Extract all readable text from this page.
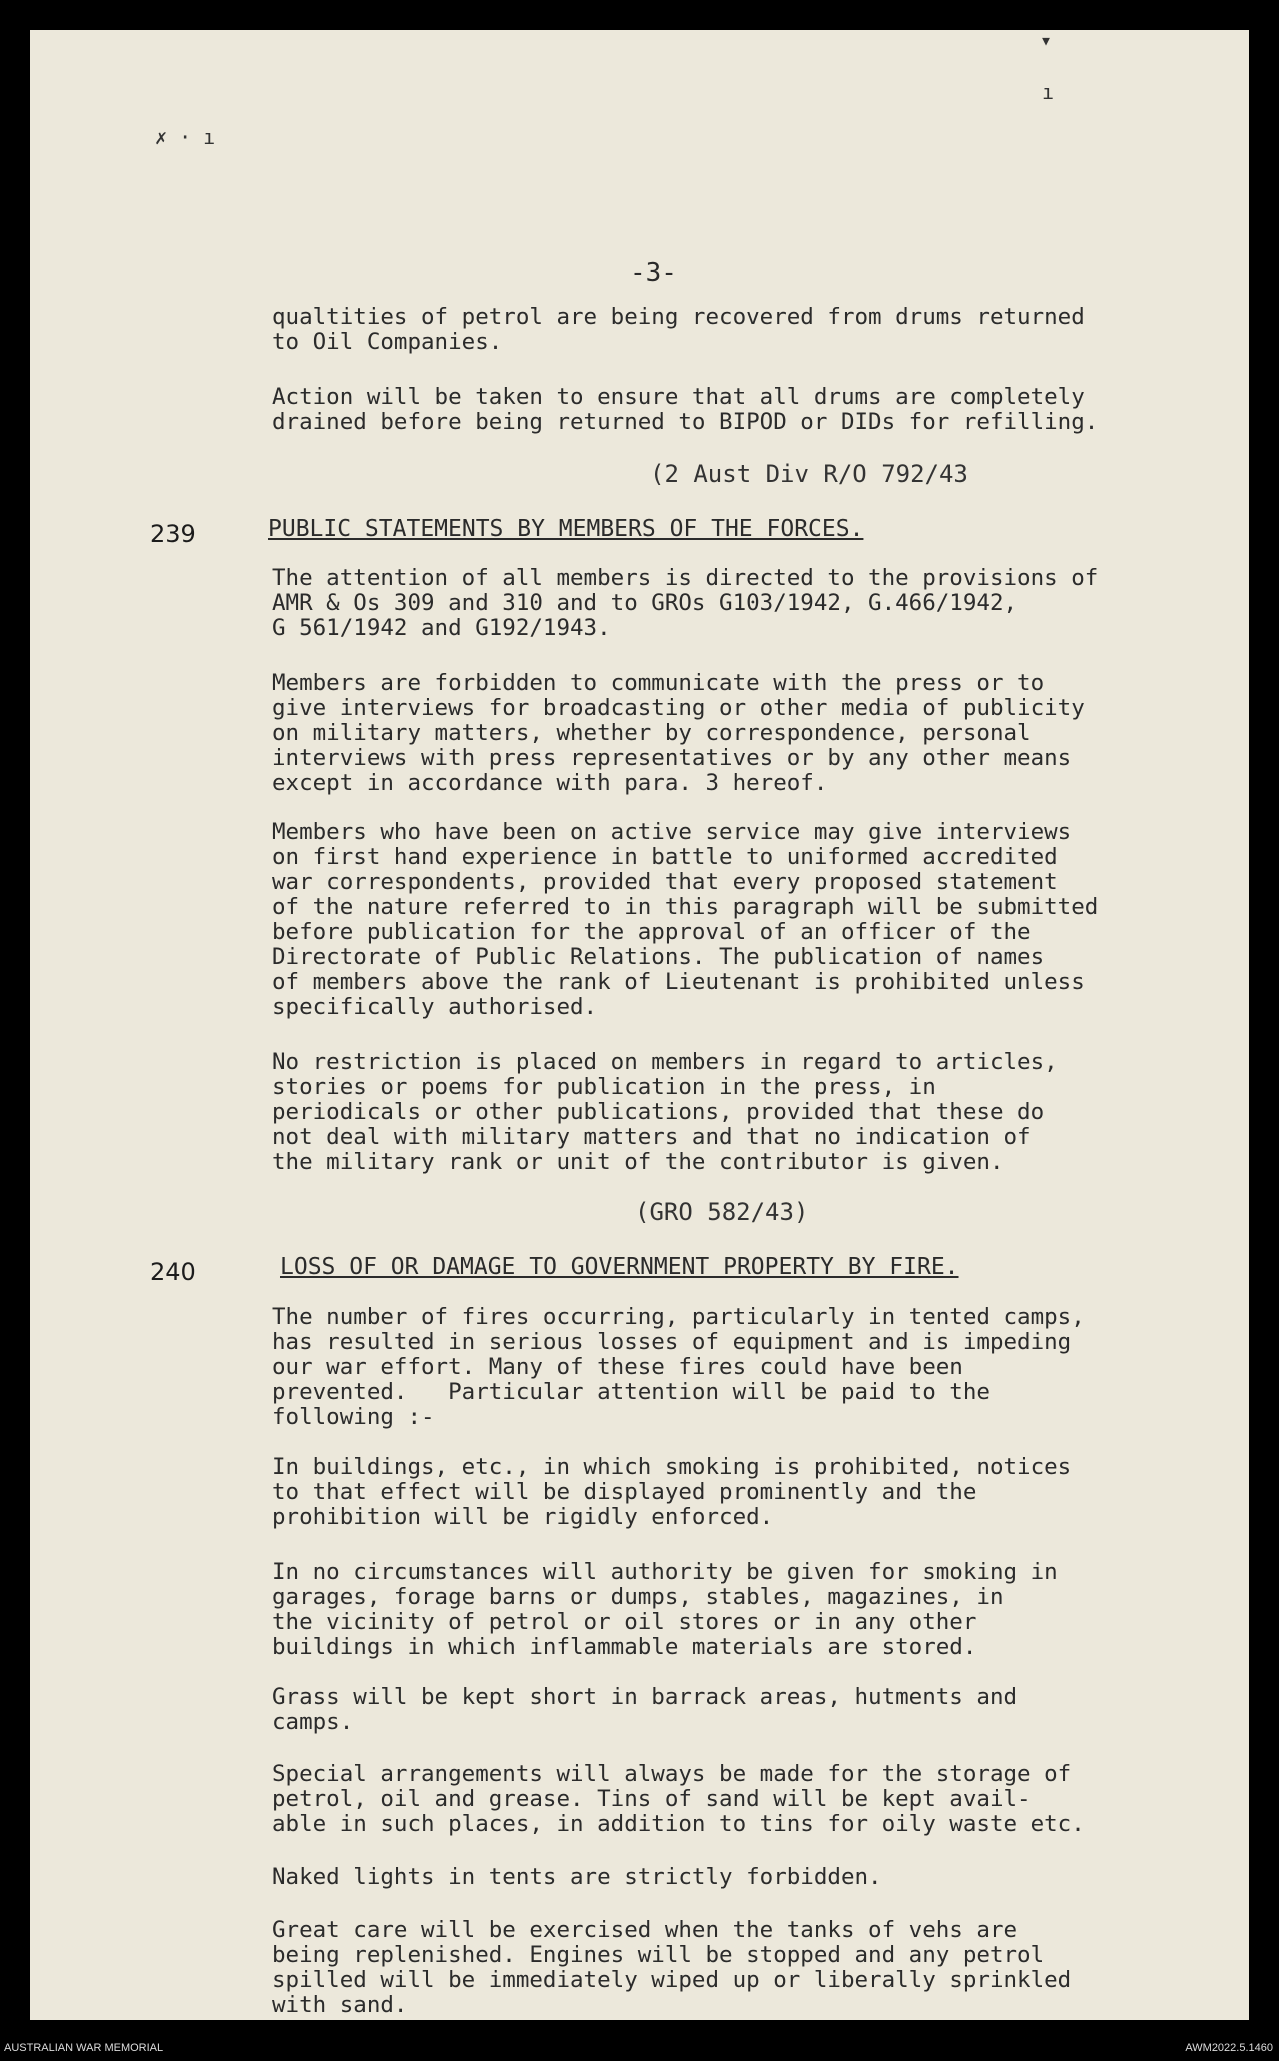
✗ · ı
▾
ı
-3-
qualtities of petrol are being recovered from drums returned
to Oil Companies.
Action will be taken to ensure that all drums are completely
drained before being returned to BIPOD or DIDs for refilling.
(2 Aust Div R/O 792/43
239	PUBLIC STATEMENTS BY MEMBERS OF THE FORCES.
The attention of all members is directed to the provisions of
AMR & Os 309 and 310 and to GROs G103/1942, G.466/1942,
G 561/1942 and G192/1943.
Members are forbidden to communicate with the press or to
give interviews for broadcasting or other media of publicity
on military matters, whether by correspondence, personal
interviews with press representatives or by any other means
except in accordance with para. 3 hereof.
Members who have been on active service may give interviews
on first hand experience in battle to uniformed accredited
war correspondents, provided that every proposed statement
of the nature referred to in this paragraph will be submitted
before publication for the approval of an officer of the
Directorate of Public Relations. The publication of names
of members above the rank of Lieutenant is prohibited unless
specifically authorised.
No restriction is placed on members in regard to articles,
stories or poems for publication in the press, in
periodicals or other publications, provided that these do
not deal with military matters and that no indication of
the military rank or unit of the contributor is given.
(GRO 582/43)
240	LOSS OF OR DAMAGE TO GOVERNMENT PROPERTY BY FIRE.
The number of fires occurring, particularly in tented camps,
has resulted in serious losses of equipment and is impeding
our war effort. Many of these fires could have been
prevented.   Particular attention will be paid to the
following :-
In buildings, etc., in which smoking is prohibited, notices
to that effect will be displayed prominently and the
prohibition will be rigidly enforced.
In no circumstances will authority be given for smoking in
garages, forage barns or dumps, stables, magazines, in
the vicinity of petrol or oil stores or in any other
buildings in which inflammable materials are stored.
Grass will be kept short in barrack areas, hutments and
camps.
Special arrangements will always be made for the storage of
petrol, oil and grease. Tins of sand will be kept avail-
able in such places, in addition to tins for oily waste etc.
Naked lights in tents are strictly forbidden.
Great care will be exercised when the tanks of vehs are
being replenished. Engines will be stopped and any petrol
spilled will be immediately wiped up or liberally sprinkled
with sand.
AUSTRALIAN WAR MEMORIAL	AWM2022.5.1460
